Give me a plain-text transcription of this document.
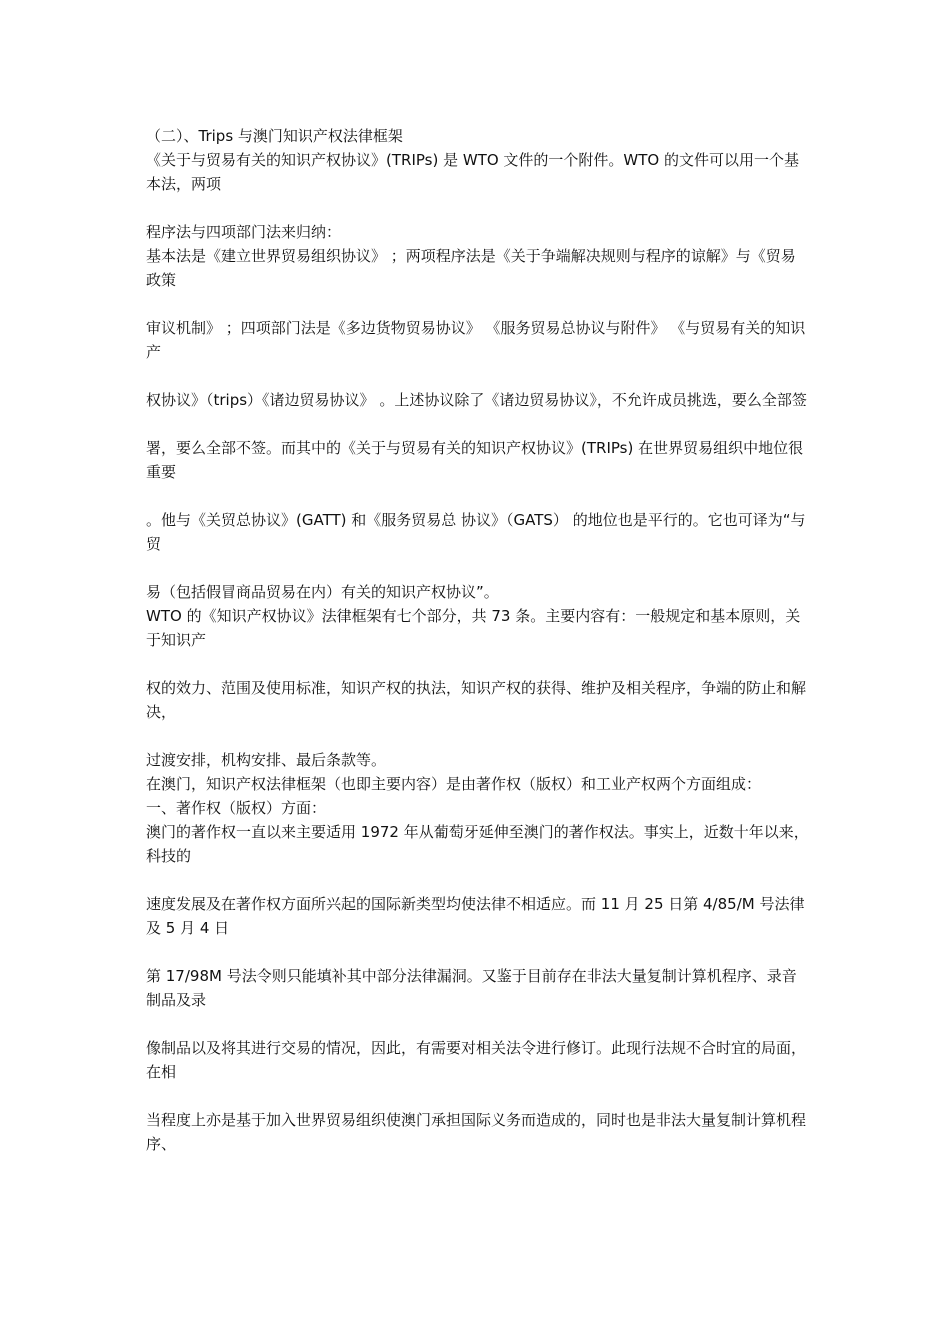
（二）、Trips 与澳门知识产权法律框架

《关于与贸易有关的知识产权协议》(TRIPs) 是 WTO 文件的一个附件。WTO 的文件可以用一个基本法，两项

程序法与四项部门法来归纳：

基本法是《建立世界贸易组织协议》 ；两项程序法是《关于争端解决规则与程序的谅解》与《贸易政策

审议机制》 ；四项部门法是《多边货物贸易协议》 《服务贸易总协议与附件》 《与贸易有关的知识产

权协议》（trips）《诸边贸易协议》 。上述协议除了《诸边贸易协议》，不允许成员挑选，要么全部签

署，要么全部不签。而其中的《关于与贸易有关的知识产权协议》(TRIPs) 在世界贸易组织中地位很重要

。他与《关贸总协议》(GATT) 和《服务贸易总 协议》（GATS） 的地位也是平行的。它也可译为“与贸

易（包括假冒商品贸易在内）有关的知识产权协议”。

WTO 的《知识产权协议》法律框架有七个部分，共 73 条。主要内容有：一般规定和基本原则，关于知识产

权的效力、范围及使用标准，知识产权的执法，知识产权的获得、维护及相关程序，争端的防止和解决，

过渡安排，机构安排、最后条款等。

在澳门，知识产权法律框架（也即主要内容）是由著作权（版权）和工业产权两个方面组成：

一、著作权（版权）方面：

澳门的著作权一直以来主要适用 1972 年从葡萄牙延伸至澳门的著作权法。事实上，近数十年以来，科技的

速度发展及在著作权方面所兴起的国际新类型均使法律不相适应。而 11 月 25 日第 4/85/M 号法律及 5 月 4 日

第 17/98M 号法令则只能填补其中部分法律漏洞。又鉴于目前存在非法大量复制计算机程序、录音制品及录

像制品以及将其进行交易的情况，因此，有需要对相关法令进行修订。此现行法规不合时宜的局面，在相

当程度上亦是基于加入世界贸易组织使澳门承担国际义务而造成的，同时也是非法大量复制计算机程序、
